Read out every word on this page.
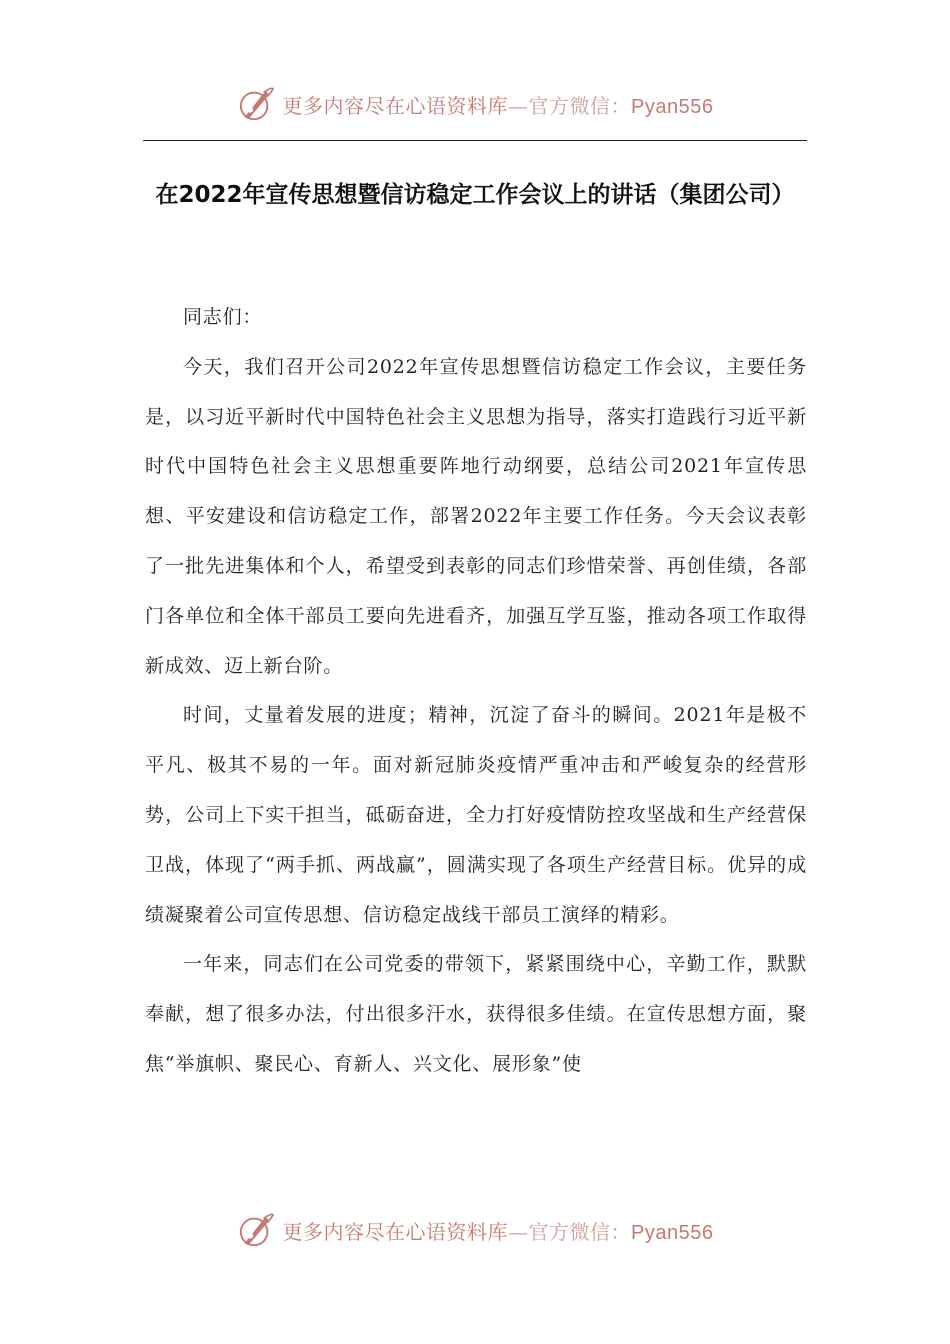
更多内容尽在心语资料库—官方微信：Pyan556
在2022年宣传思想暨信访稳定工作会议上的讲话（集团公司）

同志们：

今天，我们召开公司2022年宣传思想暨信访稳定工作会议，主要任务是，以习近平新时代中国特色社会主义思想为指导，落实打造践行习近平新时代中国特色社会主义思想重要阵地行动纲要，总结公司2021年宣传思想、平安建设和信访稳定工作，部署2022年主要工作任务。今天会议表彰了一批先进集体和个人，希望受到表彰的同志们珍惜荣誉、再创佳绩，各部门各单位和全体干部员工要向先进看齐，加强互学互鉴，推动各项工作取得新成效、迈上新台阶。

时间，丈量着发展的进度；精神，沉淀了奋斗的瞬间。2021年是极不平凡、极其不易的一年。面对新冠肺炎疫情严重冲击和严峻复杂的经营形势，公司上下实干担当，砥砺奋进，全力打好疫情防控攻坚战和生产经营保卫战，体现了“两手抓、两战赢”，圆满实现了各项生产经营目标。优异的成绩凝聚着公司宣传思想、信访稳定战线干部员工演绎的精彩。

一年来，同志们在公司党委的带领下，紧紧围绕中心，辛勤工作，默默奉献，想了很多办法，付出很多汗水，获得很多佳绩。在宣传思想方面，聚焦“举旗帜、聚民心、育新人、兴文化、展形象”使

更多内容尽在心语资料库—官方微信：Pyan556
